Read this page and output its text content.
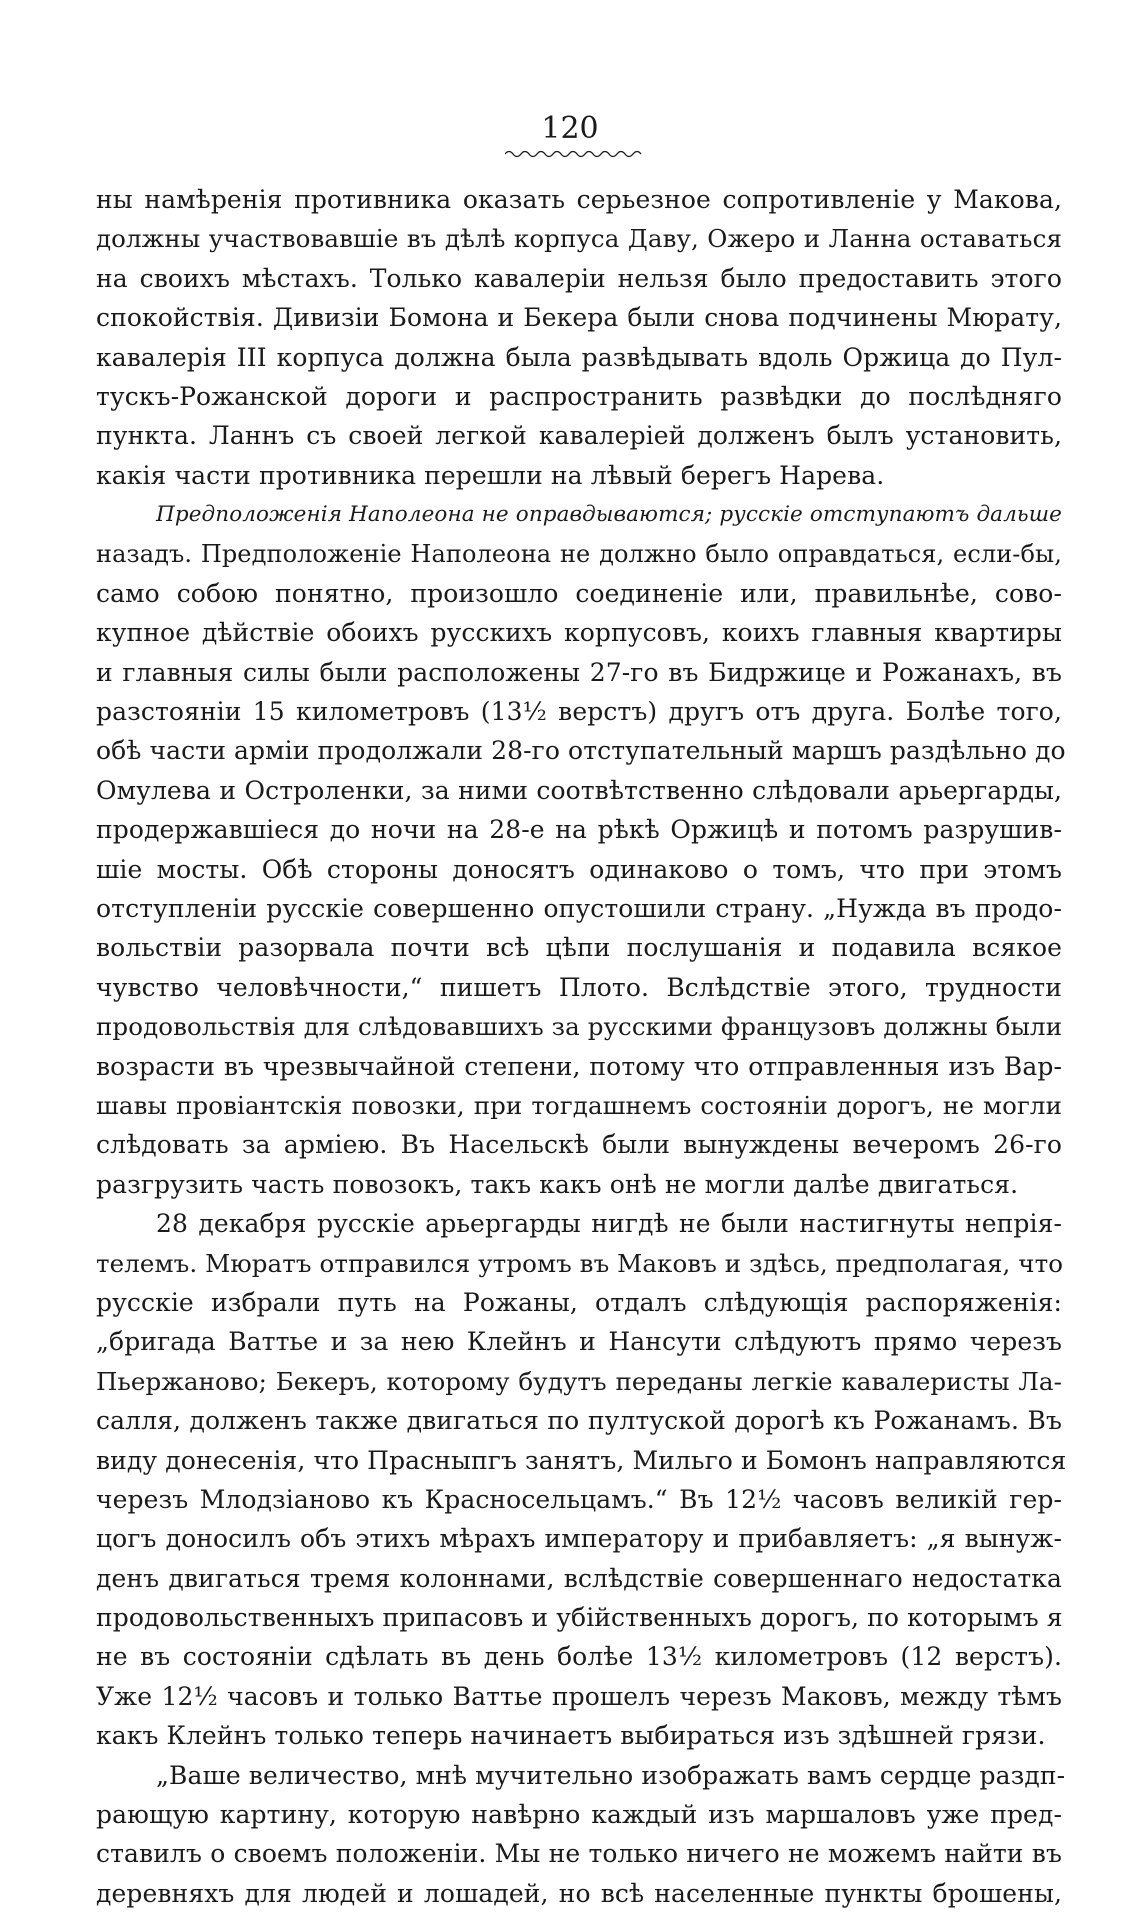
120
ны намѣренія противника оказать серьезное сопротивленіе у Макова,
должны участвовавшіе въ дѣлѣ корпуса Даву, Ожеро и Ланна оставаться
на своихъ мѣстахъ. Только кавалеріи нельзя было предоставить этого
спокойствія. Дивизіи Бомона и Бекера были снова подчинены Мюрату,
кавалерія III корпуса должна была развѣдывать вдоль Оржица до Пул-
тускъ-Рожанской дороги и распространить развѣдки до послѣдняго
пункта. Ланнъ съ своей легкой кавалеріей долженъ былъ установить,
какія части противника перешли на лѣвый берегъ Нарева.
Предположенія Наполеона не оправдываются; русскіе отступаютъ дальше
назадъ. Предположеніе Наполеона не должно было оправдаться, если-бы,
само собою понятно, произошло соединеніе или, правильнѣе, сово-
купное дѣйствіе обоихъ русскихъ корпусовъ, коихъ главныя квартиры
и главныя силы были расположены 27-го въ Бидржице и Рожанахъ, въ
разстояніи 15 километровъ (13½ верстъ) другъ отъ друга. Болѣе того,
обѣ части арміи продолжали 28-го отступательный маршъ раздѣльно до
Омулева и Остроленки, за ними соотвѣтственно слѣдовали арьергарды,
продержавшіеся до ночи на 28-е на рѣкѣ Оржицѣ и потомъ разрушив-
шіе мосты. Обѣ стороны доносятъ одинаково о томъ, что при этомъ
отступленіи русскіе совершенно опустошили страну. „Нужда въ продо-
вольствіи разорвала почти всѣ цѣпи послушанія и подавила всякое
чувство человѣчности,“ пишетъ Плото. Вслѣдствіе этого, трудности
продовольствія для слѣдовавшихъ за русскими французовъ должны были
возрасти въ чрезвычайной степени, потому что отправленныя изъ Вар-
шавы провіантскія повозки, при тогдашнемъ состояніи дорогъ, не могли
слѣдовать за арміею. Въ Насельскѣ были вынуждены вечеромъ 26-го
разгрузить часть повозокъ, такъ какъ онѣ не могли далѣе двигаться.
28 декабря русскіе арьергарды нигдѣ не были настигнуты непрія-
телемъ. Мюратъ отправился утромъ въ Маковъ и здѣсь, предполагая, что
русскіе избрали путь на Рожаны, отдалъ слѣдующія распоряженія:
„бригада Ваттье и за нею Клейнъ и Нансути слѣдуютъ прямо черезъ
Пьержаново; Бекеръ, которому будутъ переданы легкіе кавалеристы Ла-
салля, долженъ также двигаться по пултуской дорогѣ къ Рожанамъ. Въ
виду донесенія, что Прасныпгъ занятъ, Мильго и Бомонъ направляются
черезъ Млодзіаново къ Красносельцамъ.“ Въ 12½ часовъ великій гер-
цогъ доносилъ объ этихъ мѣрахъ императору и прибавляетъ: „я вынуж-
денъ двигаться тремя колоннами, вслѣдствіе совершеннаго недостатка
продовольственныхъ припасовъ и убійственныхъ дорогъ, по которымъ я
не въ состояніи сдѣлать въ день болѣе 13½ километровъ (12 верстъ).
Уже 12½ часовъ и только Ваттье прошелъ черезъ Маковъ, между тѣмъ
какъ Клейнъ только теперь начинаетъ выбираться изъ здѣшней грязи.
„Ваше величество, мнѣ мучительно изображать вамъ сердце раздп-
рающую картину, которую навѣрно каждый изъ маршаловъ уже пред-
ставилъ о своемъ положеніи. Мы не только ничего не можемъ найти въ
деревняхъ для людей и лошадей, но всѣ населенные пункты брошены,
